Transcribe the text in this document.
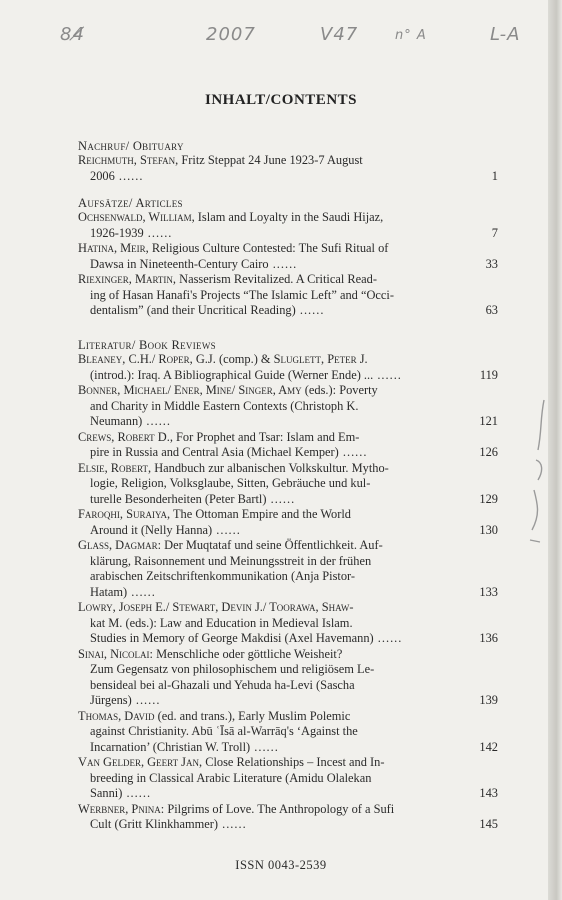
84̸	2007	V47	n° A	L-A
INHALT/CONTENTS
Nachruf/ Obituary
Reichmuth, Stefan, Fritz Steppat 24 June 1923-7 August
2006 ......	1
Aufsätze/ Articles
Ochsenwald, William, Islam and Loyalty in the Saudi Hijaz,
1926-1939 ......	7
Hatina, Meir, Religious Culture Contested: The Sufi Ritual of
Dawsa in Nineteenth-Century Cairo ......	33
Riexinger, Martin, Nasserism Revitalized. A Critical Read-
ing of Hasan Hanafi's Projects “The Islamic Left” and “Occi-
dentalism” (and their Uncritical Reading) ......	63
Literatur/ Book Reviews
Bleaney, C.H./ Roper, G.J. (comp.) & Sluglett, Peter J.
(introd.): Iraq. A Bibliographical Guide (Werner Ende) ... ......	119
Bonner, Michael/ Ener, Mine/ Singer, Amy (eds.): Poverty
and Charity in Middle Eastern Contexts (Christoph K.
Neumann) ......	121
Crews, Robert D., For Prophet and Tsar: Islam and Em-
pire in Russia and Central Asia (Michael Kemper) ......	126
Elsie, Robert, Handbuch zur albanischen Volkskultur. Mytho-
logie, Religion, Volksglaube, Sitten, Gebräuche und kul-
turelle Besonderheiten (Peter Bartl) ......	129
Faroqhi, Suraiya, The Ottoman Empire and the World
Around it (Nelly Hanna) ......	130
Glaß, Dagmar: Der Muqtataf und seine Öffentlichkeit. Auf-
klärung, Raisonnement und Meinungsstreit in der frühen
arabischen Zeitschriftenkommunikation (Anja Pistor-
Hatam) ......	133
Lowry, Joseph E./ Stewart, Devin J./ Toorawa, Shaw-
kat M. (eds.): Law and Education in Medieval Islam.
Studies in Memory of George Makdisi (Axel Havemann) ......	136
Sinai, Nicolai: Menschliche oder göttliche Weisheit?
Zum Gegensatz von philosophischem und religiösem Le-
bensideal bei al-Ghazali und Yehuda ha-Levi (Sascha
Jürgens) ......	139
Thomas, David (ed. and trans.), Early Muslim Polemic
against Christianity. Abū ʿĪsā al-Warrāq's ‘Against the
Incarnation’ (Christian W. Troll) ......	142
Van Gelder, Geert Jan, Close Relationships – Incest and In-
breeding in Classical Arabic Literature (Amidu Olalekan
Sanni) ......	143
Werbner, Pnina: Pilgrims of Love. The Anthropology of a Sufi
Cult (Gritt Klinkhammer) ......	145
ISSN 0043-2539
